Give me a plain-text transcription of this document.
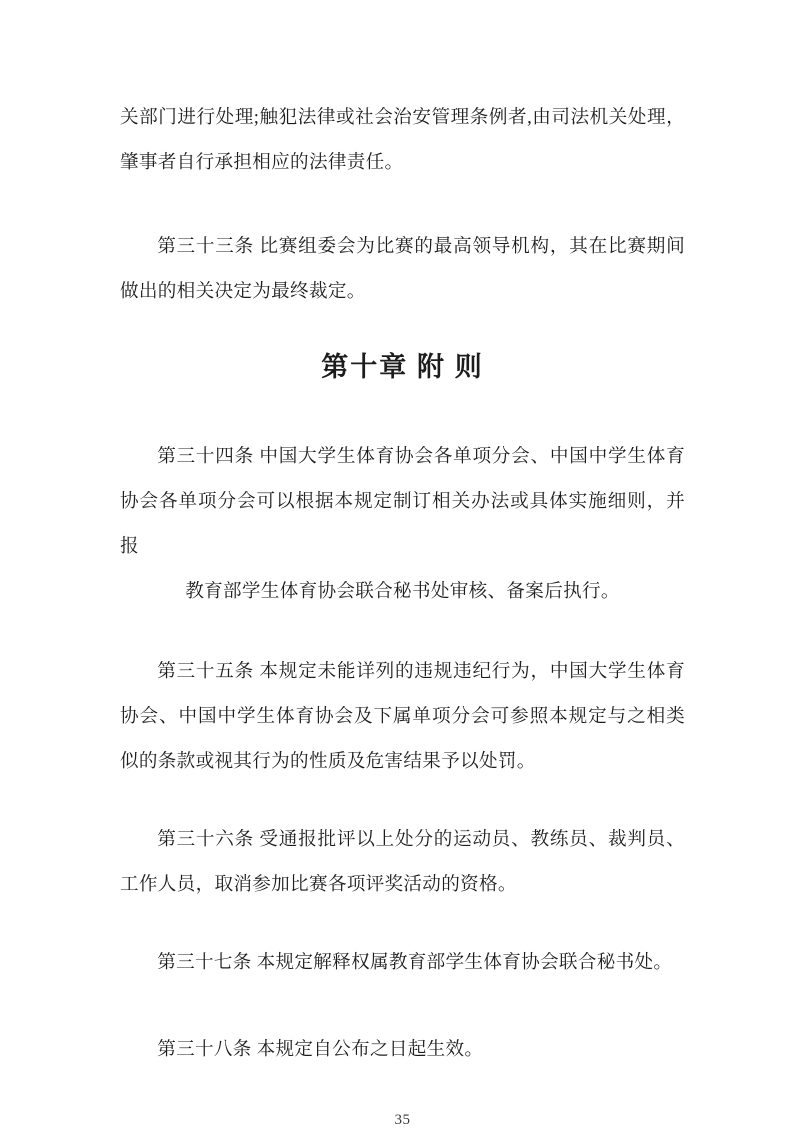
关部门进行处理;触犯法律或社会治安管理条例者,由司法机关处理，肇事者自行承担相应的法律责任。

第三十三条 比赛组委会为比赛的最高领导机构，其在比赛期间做出的相关决定为最终裁定。

第十章 附 则

第三十四条 中国大学生体育协会各单项分会、中国中学生体育协会各单项分会可以根据本规定制订相关办法或具体实施细则，并报

教育部学生体育协会联合秘书处审核、备案后执行。

第三十五条 本规定未能详列的违规违纪行为，中国大学生体育协会、中国中学生体育协会及下属单项分会可参照本规定与之相类似的条款或视其行为的性质及危害结果予以处罚。

第三十六条 受通报批评以上处分的运动员、教练员、裁判员、工作人员，取消参加比赛各项评奖活动的资格。

第三十七条 本规定解释权属教育部学生体育协会联合秘书处。

第三十八条 本规定自公布之日起生效。

35
